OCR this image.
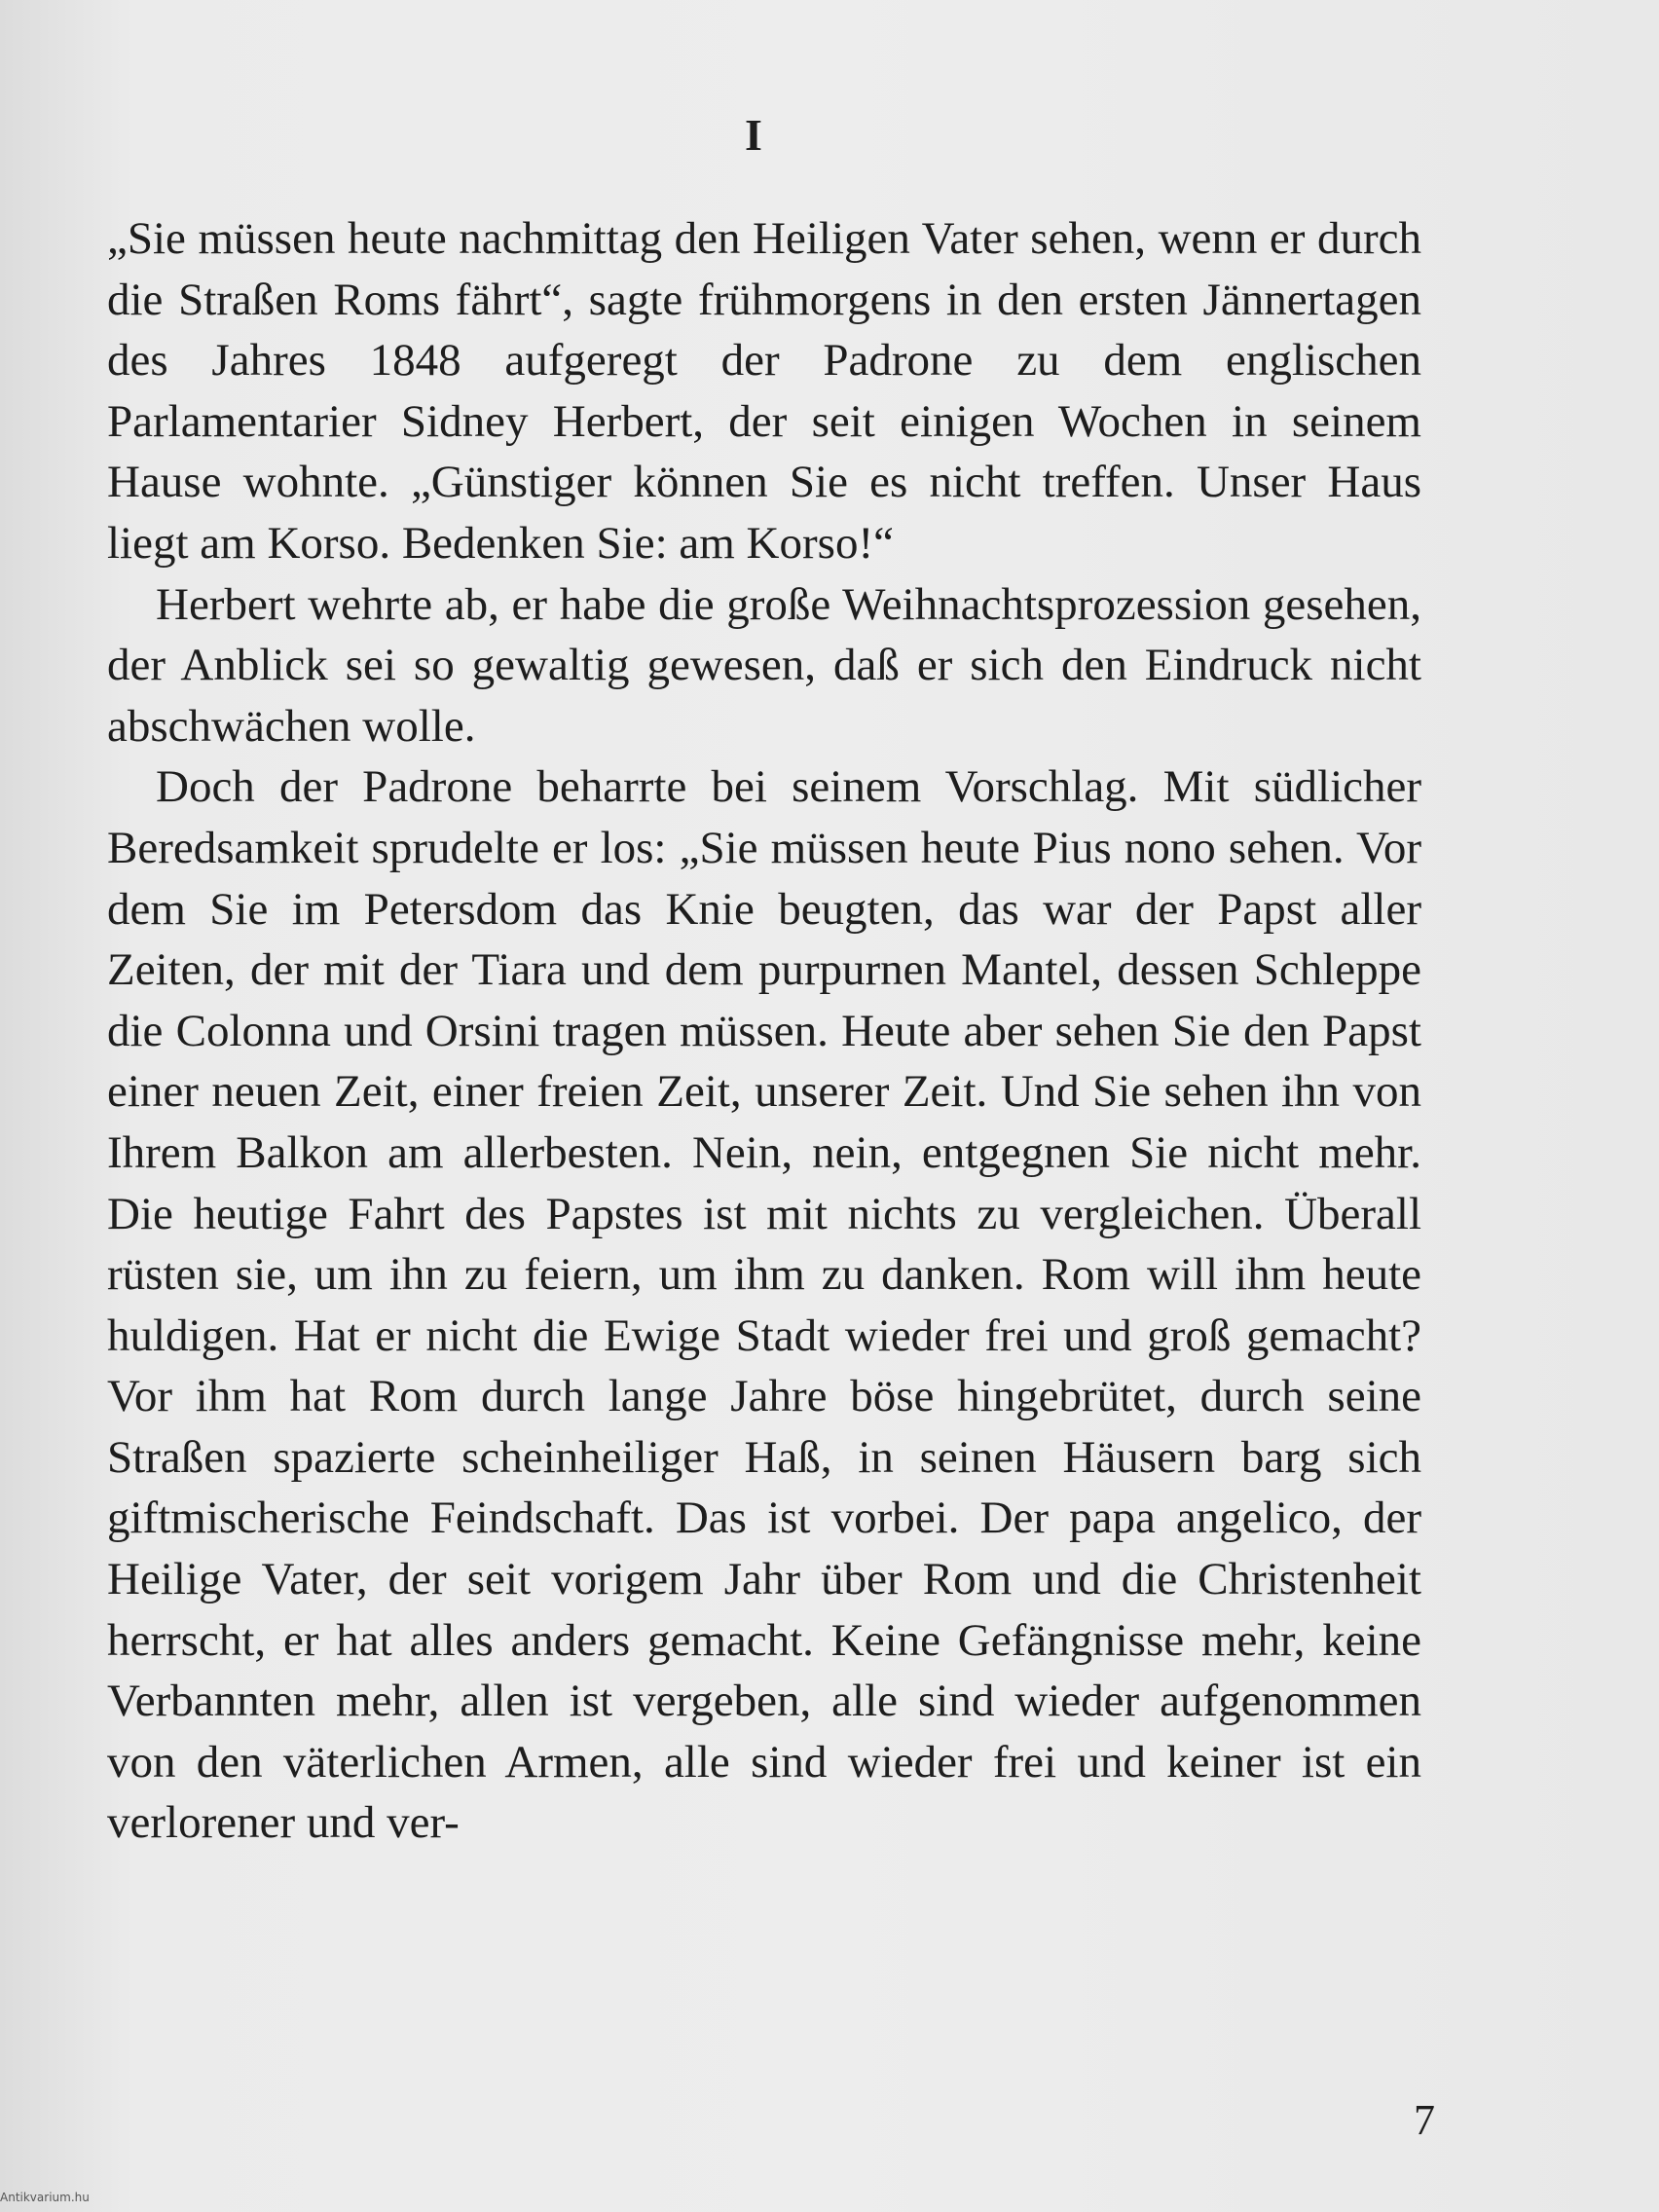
I

„Sie müssen heute nachmittag den Heiligen Vater sehen, wenn er durch die Straßen Roms fährt“, sagte frühmorgens in den ersten Jännertagen des Jahres 1848 aufgeregt der Padrone zu dem englischen Parlamentarier Sidney Herbert, der seit einigen Wochen in seinem Hause wohnte. „Günstiger können Sie es nicht treffen. Unser Haus liegt am Korso. Bedenken Sie: am Korso!“

Herbert wehrte ab, er habe die große Weihnachtsprozession gesehen, der Anblick sei so gewaltig gewesen, daß er sich den Eindruck nicht abschwächen wolle.

Doch der Padrone beharrte bei seinem Vorschlag. Mit südlicher Beredsamkeit sprudelte er los: „Sie müssen heute Pius nono sehen. Vor dem Sie im Petersdom das Knie beugten, das war der Papst aller Zeiten, der mit der Tiara und dem purpurnen Mantel, dessen Schleppe die Colonna und Orsini tragen müssen. Heute aber sehen Sie den Papst einer neuen Zeit, einer freien Zeit, unserer Zeit. Und Sie sehen ihn von Ihrem Balkon am allerbesten. Nein, nein, entgegnen Sie nicht mehr. Die heutige Fahrt des Papstes ist mit nichts zu vergleichen. Überall rüsten sie, um ihn zu feiern, um ihm zu danken. Rom will ihm heute huldigen. Hat er nicht die Ewige Stadt wieder frei und groß gemacht? Vor ihm hat Rom durch lange Jahre böse hingebrütet, durch seine Straßen spazierte scheinheiliger Haß, in seinen Häusern barg sich giftmischerische Feindschaft. Das ist vorbei. Der papa angelico, der Heilige Vater, der seit vorigem Jahr über Rom und die Christenheit herrscht, er hat alles anders gemacht. Keine Gefängnisse mehr, keine Verbannten mehr, allen ist vergeben, alle sind wieder aufgenommen von den väterlichen Armen, alle sind wieder frei und keiner ist ein verlorener und ver-

7
Antikvarium.hu
